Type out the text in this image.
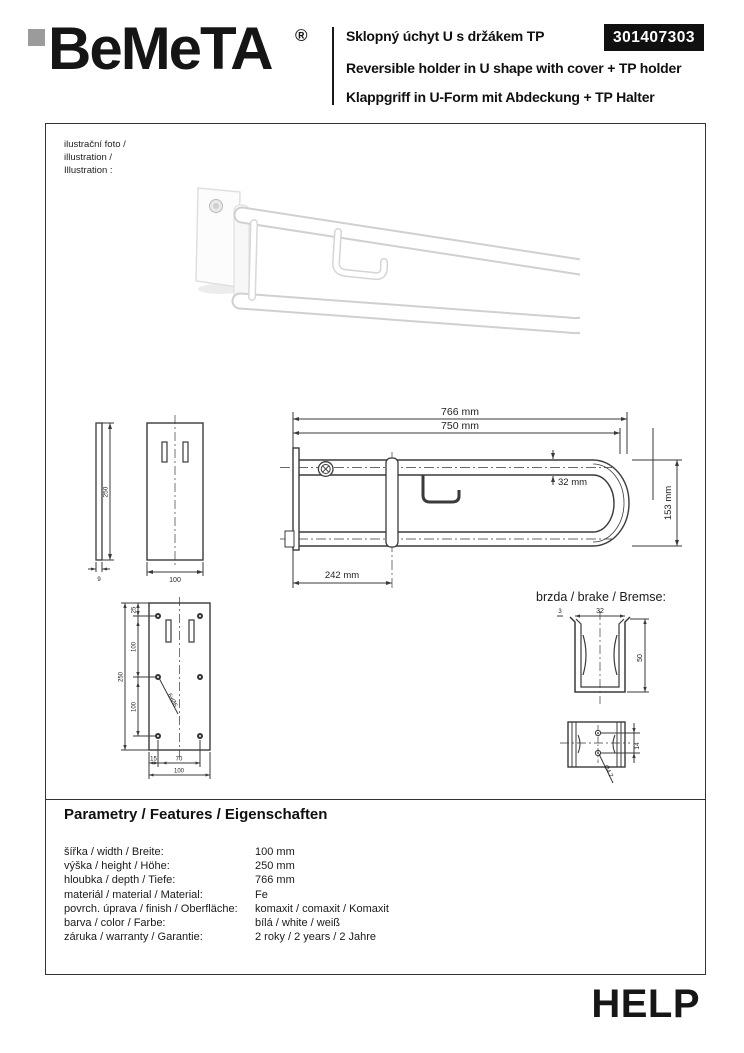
BeMeTA ®	Sklopný úchyt U s držákem TP
Reversible holder in U shape with cover + TP holder
Klappgriff in U-Form mit Abdeckung + TP Halter
301407303
ilustrační foto /
illustration /
Illustration :
766 mm
750 mm
32 mm
153 mm
242 mm
250
9	100
25
100
100
250
15	70
100
6xØ6
brzda / brake / Bremse:
32
3
50
14
Ø4.2
Parametry / Features / Eigenschaften
šířka / width / Breite:	100 mm
výška / height / Höhe:	250 mm
hloubka / depth / Tiefe:	766 mm
materiál / material / Material:	Fe
povrch. úprava / finish / Oberfläche:	komaxit / comaxit / Komaxit
barva / color / Farbe:	bílá / white / weiß
záruka / warranty / Garantie:	2 roky / 2 years / 2 Jahre
HELP
